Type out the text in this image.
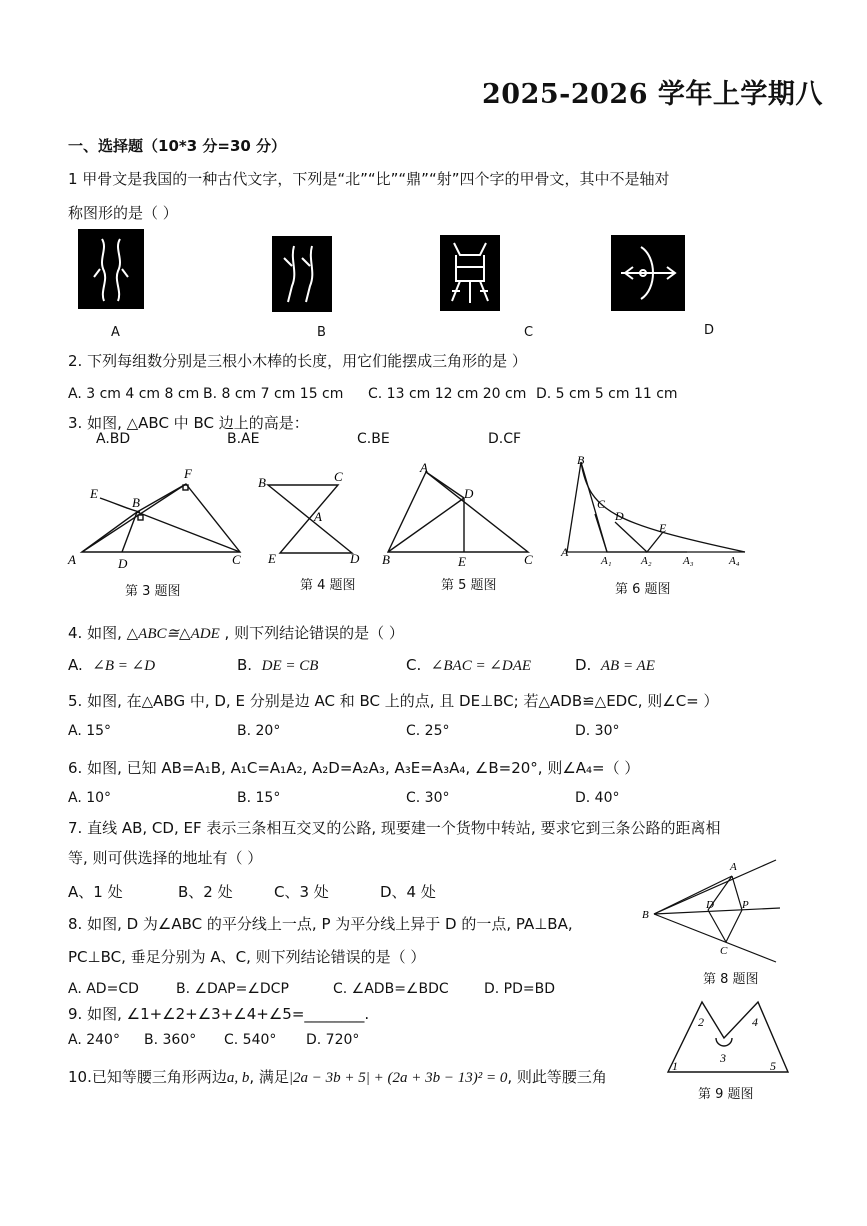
2025-2026 学年上学期八
一、选择题（10*3 分=30 分）
1 甲骨文是我国的一种古代文字，下列是“北”“比”“鼎”“射”四个字的甲骨文，其中不是轴对
称图形的是（ ）
A	B	C	D
2. 下列每组数分别是三根小木棒的长度，用它们能摆成三角形的是 ）
A. 3 cm 4 cm 8 cm B. 8 cm 7 cm 15 cm C. 13 cm 12 cm 20 cm D. 5 cm 5 cm 11 cm
3. 如图, △ABC 中 BC 边上的高是：
A.BD	B.AE	C.BE	D.CF
E
B
F
A	D	C
第 3 题图
B	C
A
E	D
第 4 题图
A
D
B	E	C
第 5 题图
B
C
D
E
A
A₁	A₂	A₃	A₄
第 6 题图
4. 如图, △ABC≅△ADE , 则下列结论错误的是（ ）
A. ∠B = ∠D	B. DE = CB	C. ∠BAC = ∠DAE	D. AB = AE
5. 如图, 在△ABG 中, D, E 分别是边 AC 和 BC 上的点, 且 DE⊥BC; 若△ADB≌△EDC, 则∠C= ）
A. 15°	B. 20°	C. 25°	D. 30°
6. 如图, 已知 AB=A₁B, A₁C=A₁A₂, A₂D=A₂A₃, A₃E=A₃A₄, ∠B=20°, 则∠A₄=（ ）
A. 10°	B. 15°	C. 30°	D. 40°
7. 直线 AB, CD, EF 表示三条相互交叉的公路, 现要建一个货物中转站, 要求它到三条公路的距离相
等, 则可供选择的地址有（ ）
A、1 处	B、2 处	C、3 处	D、4 处
A
B
D	P
C
第 8 题图
8. 如图, D 为∠ABC 的平分线上一点, P 为平分线上异于 D 的一点, PA⊥BA,
PC⊥BC, 垂足分别为 A、C, 则下列结论错误的是（ ）
A. AD=CD	B. ∠DAP=∠DCP	C. ∠ADB=∠BDC	D. PD=BD
9. 如图, ∠1+∠2+∠3+∠4+∠5=________.
A. 240° B. 360° C. 540° D. 720°
2	4
3
1	5
第 9 题图
10.已知等腰三角形两边a, b, 满足|2a − 3b + 5| + (2a + 3b − 13)² = 0, 则此等腰三角
